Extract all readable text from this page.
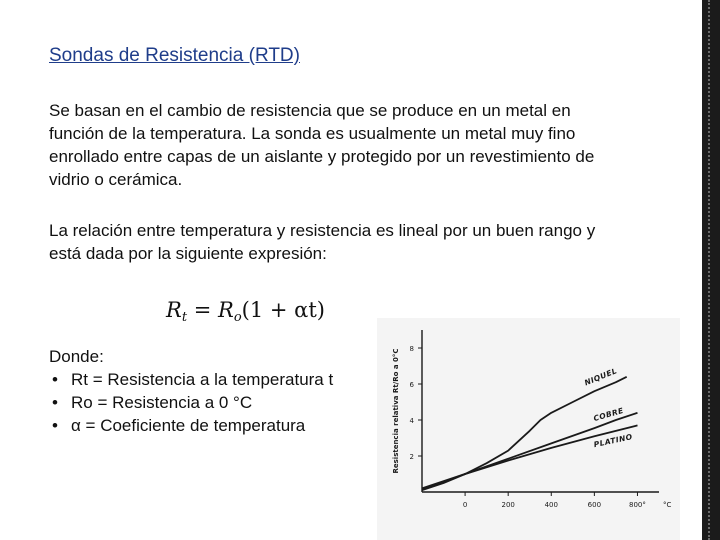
Sondas de Resistencia (RTD)
Se basan en el cambio de resistencia que se produce en un metal en
función de la temperatura. La sonda es usualmente un metal muy fino
enrollado entre capas de un aislante y protegido por un revestimiento de
vidrio o cerámica.
La relación entre temperatura y resistencia es lineal por un buen rango y
está dada por la siguiente expresión:
$R_t = R_o(1 + \alpha t)$
Donde:
• Rt = Resistencia a la temperatura t
• Ro = Resistencia a 0 °C
• α = Coeficiente de temperatura
0	200	400	600	800° °C
2
4
6
8
Resistencia relativa Rt/Ro a 0°C	NIQUEL
COBRE
PLATINO
